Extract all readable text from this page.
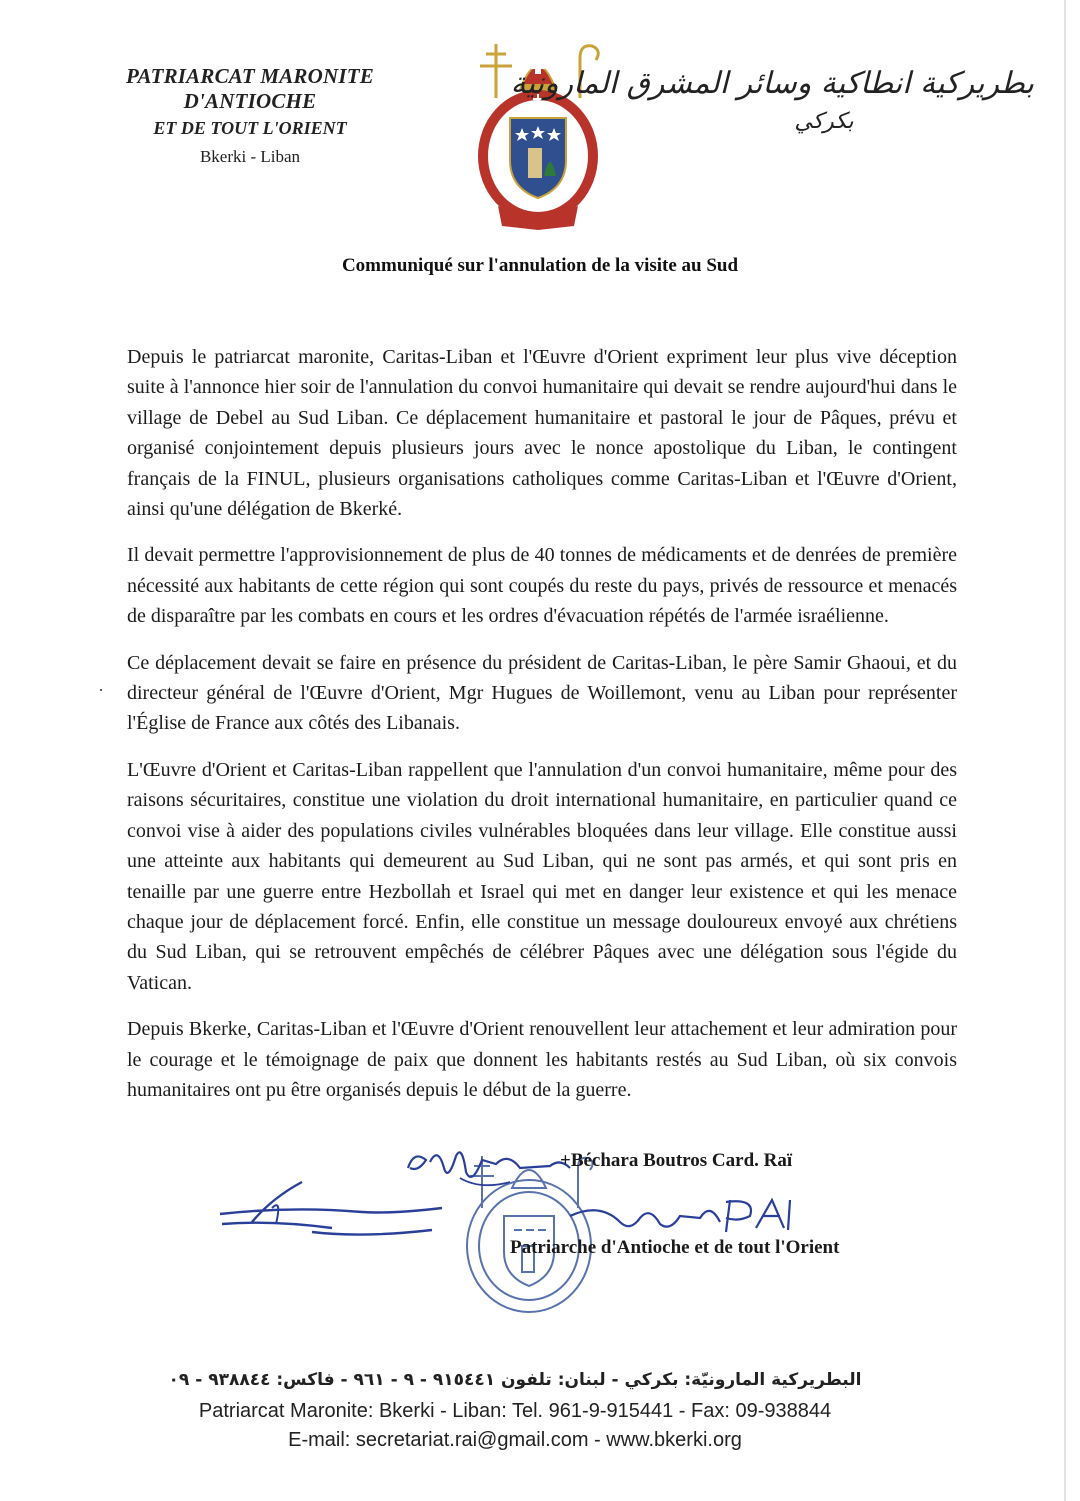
PATRIARCAT MARONITE D'ANTIOCHE
ET DE TOUT L'ORIENT
Bkerki - Liban
بطريركية انطاكية وسائر المشرق المارونية
بكركي
Communiqué sur l'annulation de la visite au Sud
·

Depuis le patriarcat maronite, Caritas-Liban et l'Œuvre d'Orient expriment leur plus vive déception suite à l'annonce hier soir de l'annulation du convoi humanitaire qui devait se rendre aujourd'hui dans le village de Debel au Sud Liban. Ce déplacement humanitaire et pastoral le jour de Pâques, prévu et organisé conjointement depuis plusieurs jours avec le nonce apostolique du Liban, le contingent français de la FINUL, plusieurs organisations catholiques comme Caritas-Liban et l'Œuvre d'Orient, ainsi qu'une délégation de Bkerké.

Il devait permettre l'approvisionnement de plus de 40 tonnes de médicaments et de denrées de première nécessité aux habitants de cette région qui sont coupés du reste du pays, privés de ressource et menacés de disparaître par les combats en cours et les ordres d'évacuation répétés de l'armée israélienne.

Ce déplacement devait se faire en présence du président de Caritas-Liban, le père Samir Ghaoui, et du directeur général de l'Œuvre d'Orient, Mgr Hugues de Woillemont, venu au Liban pour représenter l'Église de France aux côtés des Libanais.

L'Œuvre d'Orient et Caritas-Liban rappellent que l'annulation d'un convoi humanitaire, même pour des raisons sécuritaires, constitue une violation du droit international humanitaire, en particulier quand ce convoi vise à aider des populations civiles vulnérables bloquées dans leur village. Elle constitue aussi une atteinte aux habitants qui demeurent au Sud Liban, qui ne sont pas armés, et qui sont pris en tenaille par une guerre entre Hezbollah et Israel qui met en danger leur existence et qui les menace chaque jour de déplacement forcé. Enfin, elle constitue un message douloureux envoyé aux chrétiens du Sud Liban, qui se retrouvent empêchés de célébrer Pâques avec une délégation sous l'égide du Vatican.

Depuis Bkerke, Caritas-Liban et l'Œuvre d'Orient renouvellent leur attachement et leur admiration pour le courage et le témoignage de paix que donnent les habitants restés au Sud Liban, où six convois humanitaires ont pu être organisés depuis le début de la guerre.

+Béchara Boutros Card. Raï
Patriarche d'Antioche et de tout l'Orient
البطريركية المارونيّة: بكركي - لبنان: تلفون ٩١٥٤٤١ - ٩ - ٩٦١ - فاكس: ٩٣٨٨٤٤ - ٠٩
Patriarcat Maronite: Bkerki - Liban: Tel. 961-9-915441 - Fax: 09-938844
E-mail: secretariat.rai@gmail.com - www.bkerki.org
